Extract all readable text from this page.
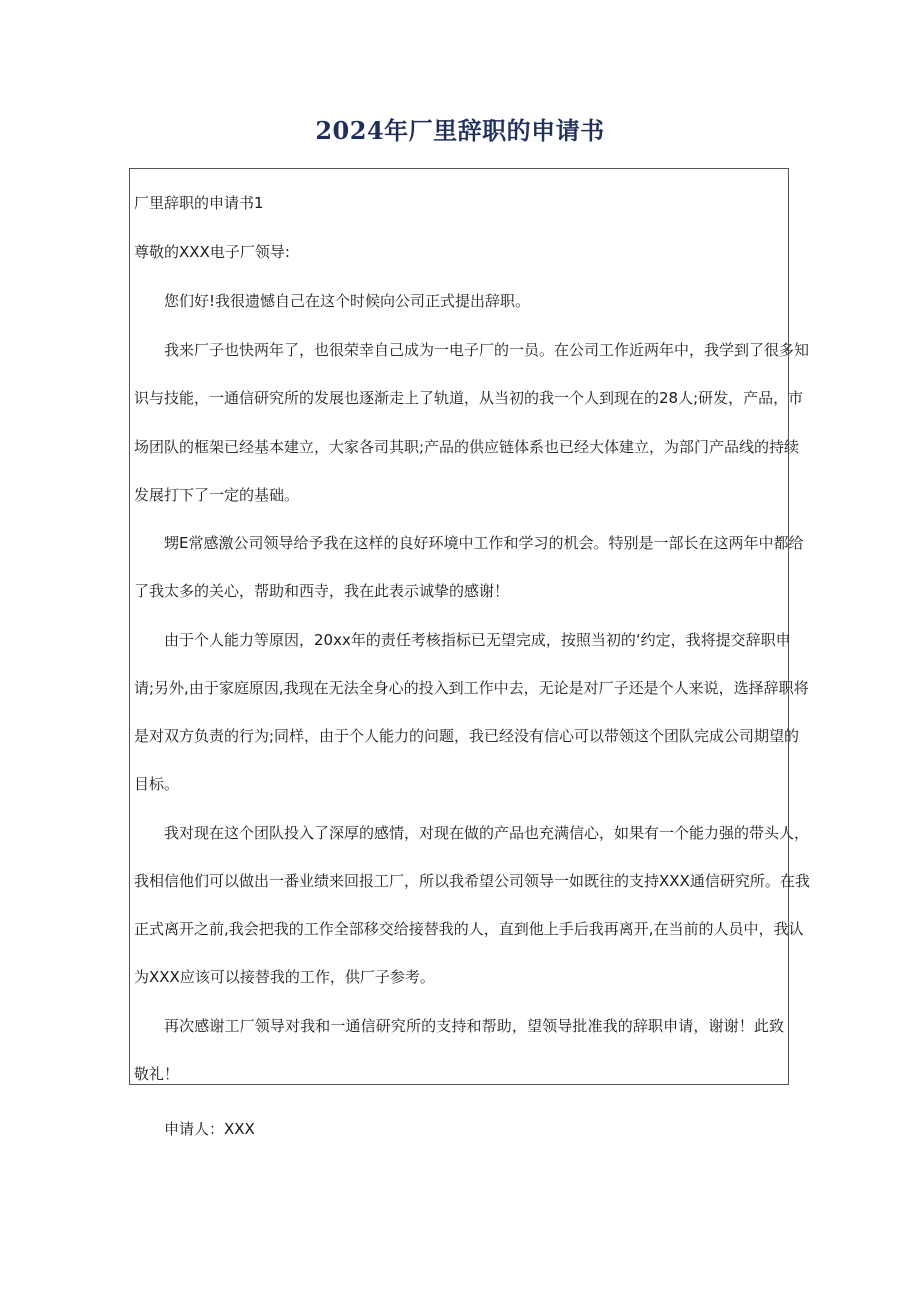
2024年厂里辞职的申请书
厂里辞职的申请书1
尊敬的XXX电子厂领导:
您们好!我很遗憾自己在这个时候向公司正式提出辞职。
我来厂子也快两年了，也很荣幸自己成为一电子厂的一员。在公司工作近两年中，我学到了很多知
识与技能，一通信研究所的发展也逐渐走上了轨道，从当初的我一个人到现在的28人;研发，产品，市
场团队的框架已经基本建立，大家各司其职;产品的供应链体系也已经大体建立，为部门产品线的持续
发展打下了一定的基础。
甥E常感激公司领导给予我在这样的良好环境中工作和学习的机会。特别是一部长在这两年中都给
了我太多的关心，帮助和西寺，我在此表示诚挚的感谢！
由于个人能力等原因，20xx年的责任考核指标已无望完成，按照当初的‘约定，我将提交辞职申
请;另外,由于家庭原因,我现在无法全身心的投入到工作中去，无论是对厂子还是个人来说，选择辞职将
是对双方负责的行为;同样，由于个人能力的问题，我已经没有信心可以带领这个团队完成公司期望的
目标。
我对现在这个团队投入了深厚的感情，对现在做的产品也充满信心，如果有一个能力强的带头人，
我相信他们可以做出一番业绩来回报工厂，所以我希望公司领导一如既往的支持XXX通信研究所。在我
正式离开之前,我会把我的工作全部移交给接替我的人，直到他上手后我再离开,在当前的人员中，我认
为XXX应该可以接替我的工作，供厂子参考。
再次感谢工厂领导对我和一通信研究所的支持和帮助，望领导批准我的辞职申请，谢谢！此致
敬礼！
申请人：XXX
